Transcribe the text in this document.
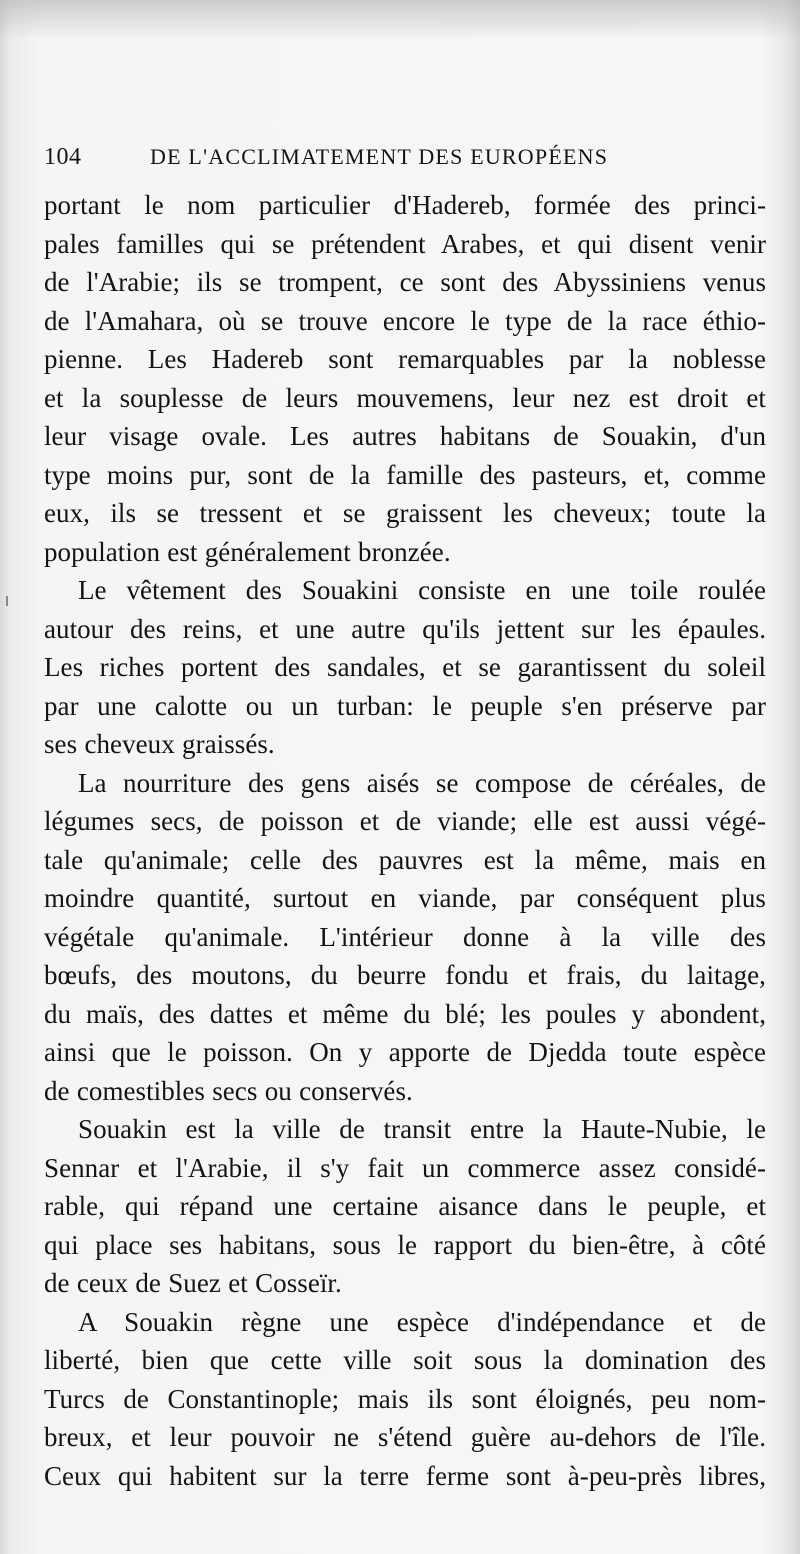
104	DE L'ACCLIMATEMENT DES EUROPÉENS
portant le nom particulier d'Hadereb, formée des princi-
pales familles qui se prétendent Arabes, et qui disent venir
de l'Arabie; ils se trompent, ce sont des Abyssiniens venus
de l'Amahara, où se trouve encore le type de la race éthio-
pienne. Les Hadereb sont remarquables par la noblesse
et la souplesse de leurs mouvemens, leur nez est droit et
leur visage ovale. Les autres habitans de Souakin, d'un
type moins pur, sont de la famille des pasteurs, et, comme
eux, ils se tressent et se graissent les cheveux; toute la
population est généralement bronzée.
Le vêtement des Souakini consiste en une toile roulée
autour des reins, et une autre qu'ils jettent sur les épaules.
Les riches portent des sandales, et se garantissent du soleil
par une calotte ou un turban: le peuple s'en préserve par
ses cheveux graissés.
La nourriture des gens aisés se compose de céréales, de
légumes secs, de poisson et de viande; elle est aussi végé-
tale qu'animale; celle des pauvres est la même, mais en
moindre quantité, surtout en viande, par conséquent plus
végétale qu'animale. L'intérieur donne à la ville des
bœufs, des moutons, du beurre fondu et frais, du laitage,
du maïs, des dattes et même du blé; les poules y abondent,
ainsi que le poisson. On y apporte de Djedda toute espèce
de comestibles secs ou conservés.
Souakin est la ville de transit entre la Haute-Nubie, le
Sennar et l'Arabie, il s'y fait un commerce assez considé-
rable, qui répand une certaine aisance dans le peuple, et
qui place ses habitans, sous le rapport du bien-être, à côté
de ceux de Suez et Cosseïr.
A Souakin règne une espèce d'indépendance et de
liberté, bien que cette ville soit sous la domination des
Turcs de Constantinople; mais ils sont éloignés, peu nom-
breux, et leur pouvoir ne s'étend guère au-dehors de l'île.
Ceux qui habitent sur la terre ferme sont à-peu-près libres,
